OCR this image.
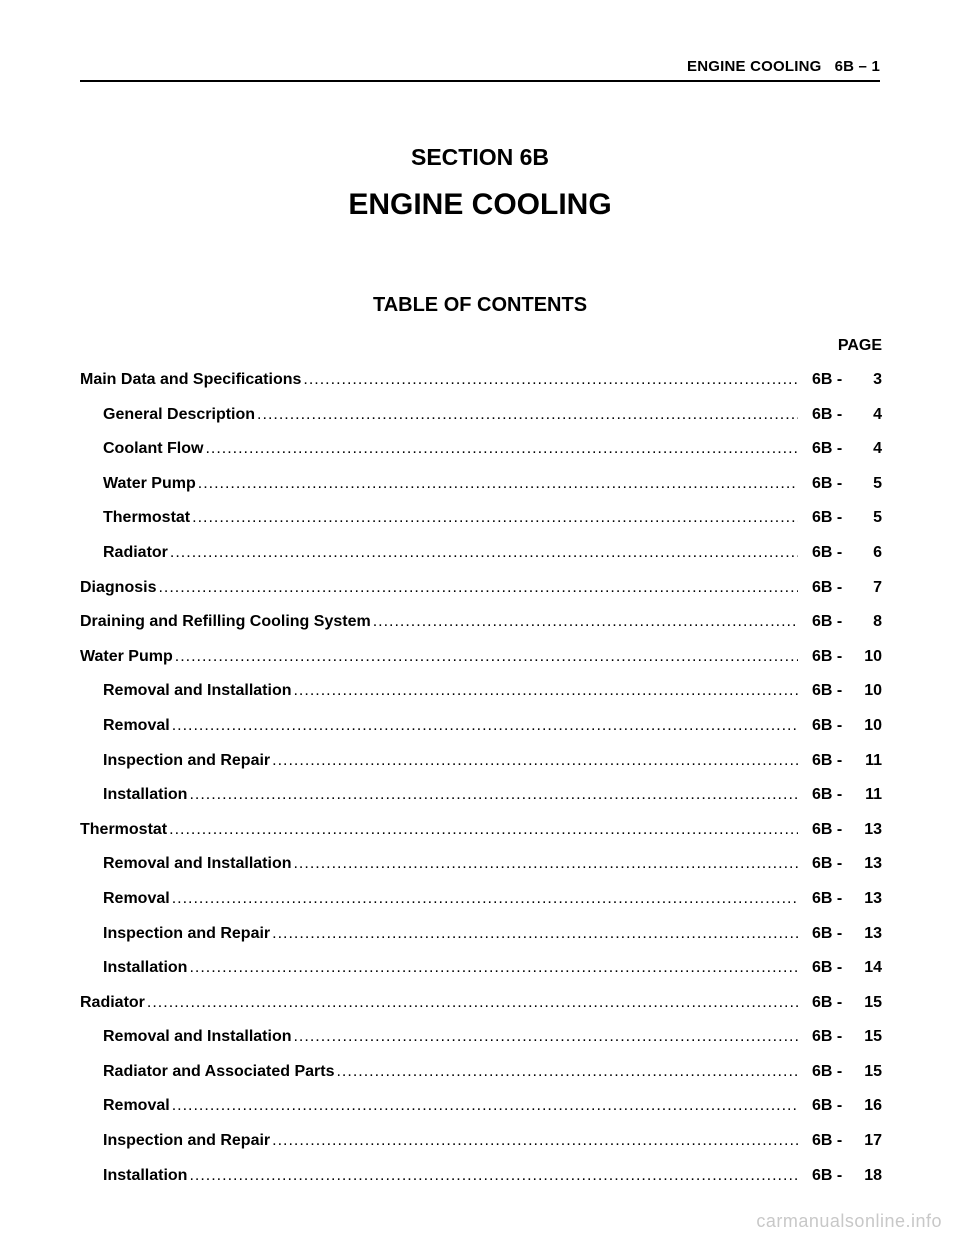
ENGINE COOLING   6B – 1
SECTION 6B
ENGINE COOLING
TABLE OF CONTENTS
PAGE
Main Data and Specifications .....	6B - 3
General Description .....	6B - 4
Coolant Flow .....	6B - 4
Water Pump .....	6B - 5
Thermostat .....	6B - 5
Radiator .....	6B - 6
Diagnosis .....	6B - 7
Draining and Refilling Cooling System .....	6B - 8
Water Pump .....	6B - 10
Removal and Installation .....	6B - 10
Removal .....	6B - 10
Inspection and Repair .....	6B - 11
Installation .....	6B - 11
Thermostat .....	6B - 13
Removal and Installation .....	6B - 13
Removal .....	6B - 13
Inspection and Repair .....	6B - 13
Installation .....	6B - 14
Radiator .....	6B - 15
Removal and Installation .....	6B - 15
Radiator and Associated Parts .....	6B - 15
Removal .....	6B - 16
Inspection and Repair .....	6B - 17
Installation .....	6B - 18
carmanualsonline.info
